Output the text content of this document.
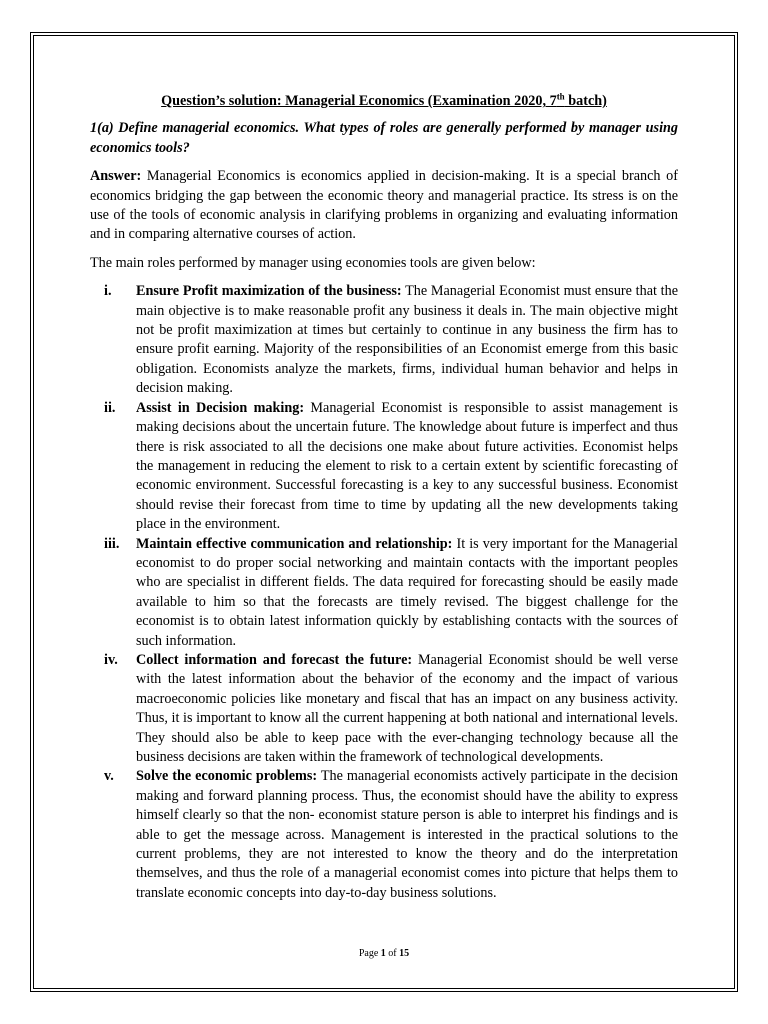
Question’s solution: Managerial Economics (Examination 2020, 7th batch)

1(a) Define managerial economics. What types of roles are generally performed by manager using economics tools?

Answer: Managerial Economics is economics applied in decision-making. It is a special branch of economics bridging the gap between the economic theory and managerial practice. Its stress is on the use of the tools of economic analysis in clarifying problems in organizing and evaluating information and in comparing alternative courses of action.

The main roles performed by manager using economies tools are given below:

i. Ensure Profit maximization of the business: The Managerial Economist must ensure that the main objective is to make reasonable profit any business it deals in. The main objective might not be profit maximization at times but certainly to continue in any business the firm has to ensure profit earning. Majority of the responsibilities of an Economist emerge from this basic obligation. Economists analyze the markets, firms, individual human behavior and helps in decision making.
ii. Assist in Decision making: Managerial Economist is responsible to assist management is making decisions about the uncertain future. The knowledge about future is imperfect and thus there is risk associated to all the decisions one make about future activities. Economist helps the management in reducing the element to risk to a certain extent by scientific forecasting of economic environment. Successful forecasting is a key to any successful business. Economist should revise their forecast from time to time by updating all the new developments taking place in the environment.
iii. Maintain effective communication and relationship: It is very important for the Managerial economist to do proper social networking and maintain contacts with the important peoples who are specialist in different fields. The data required for forecasting should be easily made available to him so that the forecasts are timely revised. The biggest challenge for the economist is to obtain latest information quickly by establishing contacts with the sources of such information.
iv. Collect information and forecast the future: Managerial Economist should be well verse with the latest information about the behavior of the economy and the impact of various macroeconomic policies like monetary and fiscal that has an impact on any business activity. Thus, it is important to know all the current happening at both national and international levels. They should also be able to keep pace with the ever-changing technology because all the business decisions are taken within the framework of technological developments.
v. Solve the economic problems: The managerial economists actively participate in the decision making and forward planning process. Thus, the economist should have the ability to express himself clearly so that the non- economist stature person is able to interpret his findings and is able to get the message across. Management is interested in the practical solutions to the current problems, they are not interested to know the theory and do the interpretation themselves, and thus the role of a managerial economist comes into picture that helps them to translate economic concepts into day-to-day business solutions.
Page 1 of 15
